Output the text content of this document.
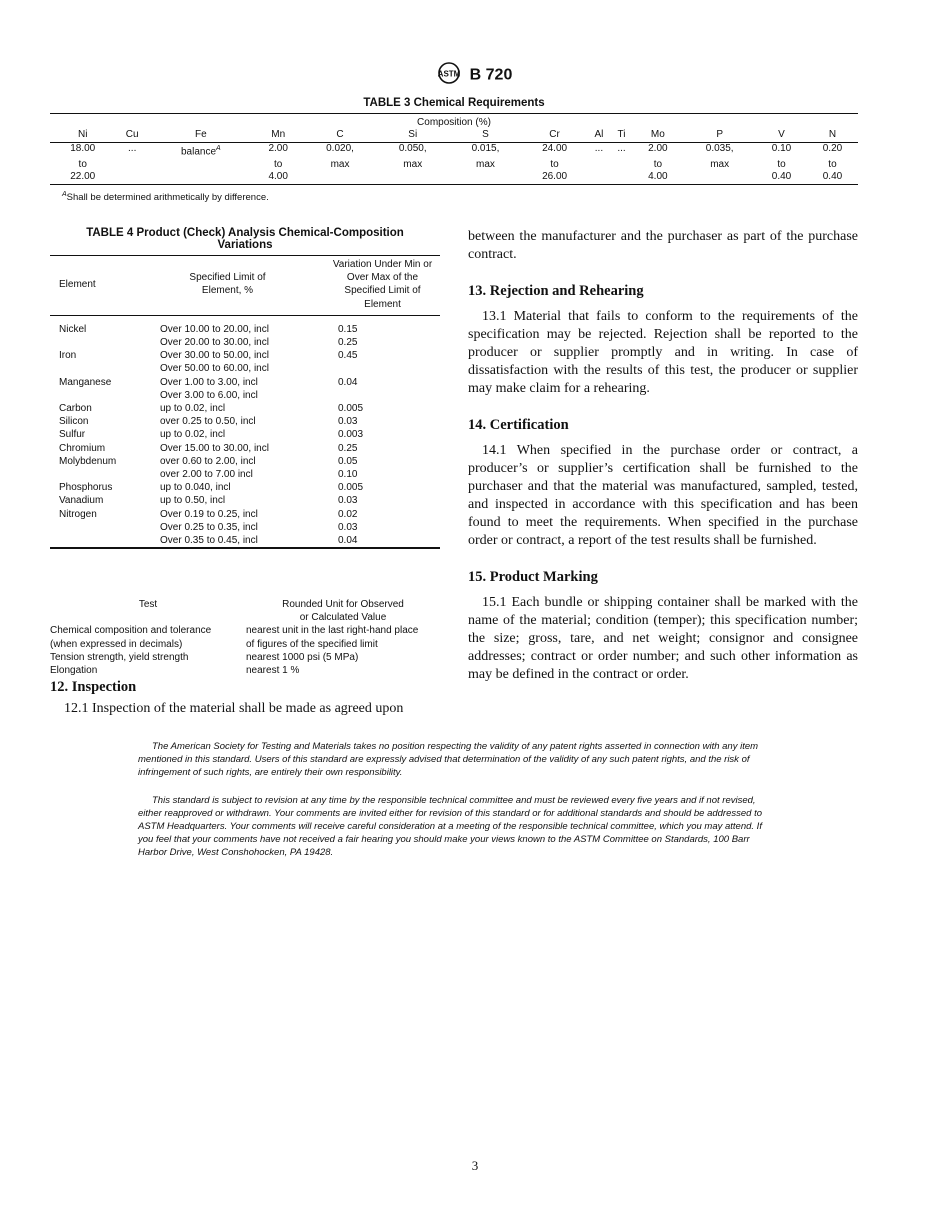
ASTM B 720
TABLE 3 Chemical Requirements
Composition (%)
Ni	Cu	Fe	Mn	C	Si	S	Cr	Al	Ti	Mo	P	V	N
18.00	...	balance$^A$	2.00	0.020,	0.050,	0.015,	24.00	...	...	2.00	0.035,	0.10	0.20
to			to	max	max	max	to			to	max	to	to
22.00			4.00				26.00			4.00		0.40	0.40
$^A$Shall be determined arithmetically by difference.
TABLE 4 Product (Check) Analysis Chemical-Composition
Variations
Element	Specified Limit of Element, %	Variation Under Min or Over Max of the Specified Limit of Element
Nickel	Over 10.00 to 20.00, incl	0.15
	Over 20.00 to 30.00, incl	0.25
Iron	Over 30.00 to 50.00, incl	0.45
	Over 50.00 to 60.00, incl	
Manganese	Over 1.00 to 3.00, incl	0.04
	Over 3.00 to 6.00, incl	
Carbon	up to 0.02, incl	0.005
Silicon	over 0.25 to 0.50, incl	0.03
Sulfur	up to 0.02, incl	0.003
Chromium	Over 15.00 to 30.00, incl	0.25
Molybdenum	over 0.60 to 2.00, incl	0.05
	over 2.00 to 7.00 incl	0.10
Phosphorus	up to 0.040, incl	0.005
Vanadium	up to 0.50, incl	0.03
Nitrogen	Over 0.19 to 0.25, incl	0.02
	Over 0.25 to 0.35, incl	0.03
	Over 0.35 to 0.45, incl	0.04
Test	Rounded Unit for Observed
or Calculated Value

Chemical composition and tolerance	nearest unit in the last right-hand place
(when expressed in decimals)	of figures of the specified limit
Tension strength, yield strength	nearest 1000 psi (5 MPa)
Elongation	nearest 1 %
12. Inspection

12.1 Inspection of the material shall be made as agreed upon

between the manufacturer and the purchaser as part of the purchase contract.

13. Rejection and Rehearing

13.1 Material that fails to conform to the requirements of the specification may be rejected. Rejection shall be reported to the producer or supplier promptly and in writing. In case of dissatisfaction with the results of this test, the producer or supplier may make claim for a rehearing.

14. Certification

14.1 When specified in the purchase order or contract, a producer’s or supplier’s certification shall be furnished to the purchaser and that the material was manufactured, sampled, tested, and inspected in accordance with this specification and has been found to meet the requirements. When specified in the purchase order or contract, a report of the test results shall be furnished.

15. Product Marking

15.1 Each bundle or shipping container shall be marked with the name of the material; condition (temper); this specification number; the size; gross, tare, and net weight; consignor and consignee addresses; contract or order number; and such other information as may be defined in the contract or order.

The American Society for Testing and Materials takes no position respecting the validity of any patent rights asserted in connection with any item mentioned in this standard. Users of this standard are expressly advised that determination of the validity of any such patent rights, and the risk of infringement of such rights, are entirely their own responsibility.

This standard is subject to revision at any time by the responsible technical committee and must be reviewed every five years and if not revised, either reapproved or withdrawn. Your comments are invited either for revision of this standard or for additional standards and should be addressed to ASTM Headquarters. Your comments will receive careful consideration at a meeting of the responsible technical committee, which you may attend. If you feel that your comments have not received a fair hearing you should make your views known to the ASTM Committee on Standards, 100 Barr Harbor Drive, West Conshohocken, PA 19428.

3
